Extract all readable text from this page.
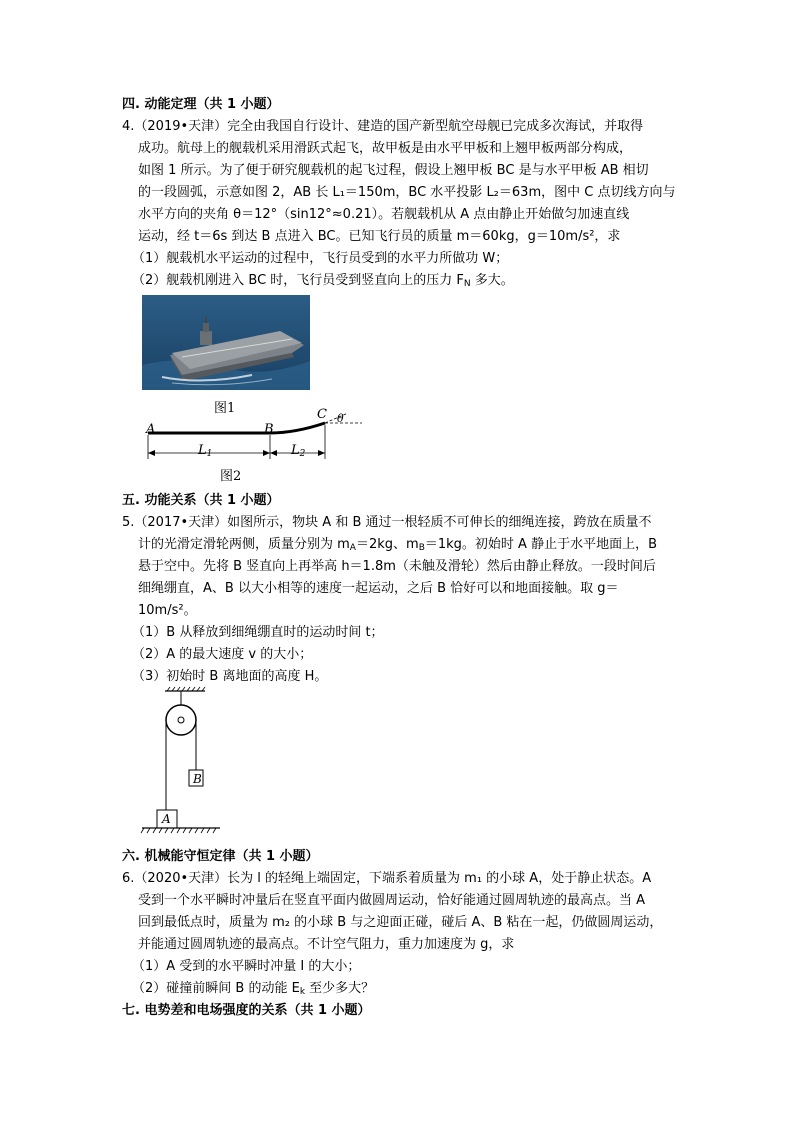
四. 动能定理（共 1 小题）
4.（2019•天津）完全由我国自行设计、建造的国产新型航空母舰已完成多次海试，并取得
成功。航母上的舰载机采用滑跃式起飞，故甲板是由水平甲板和上翘甲板两部分构成，
如图 1 所示。为了便于研究舰载机的起飞过程，假设上翘甲板 BC 是与水平甲板 AB 相切
的一段圆弧，示意如图 2，AB 长 L₁＝150m，BC 水平投影 L₂＝63m，图中 C 点切线方向与
水平方向的夹角 θ＝12°（sin12°≈0.21）。若舰载机从 A 点由静止开始做匀加速直线
运动，经 t＝6s 到达 B 点进入 BC。已知飞行员的质量 m＝60kg，g＝10m/s²，求
（1）舰载机水平运动的过程中，飞行员受到的水平力所做功 W；
（2）舰载机刚进入 BC 时，飞行员受到竖直向上的压力 $F_N$ 多大。
图1
A	B
C θ
$L_1$	$L_2$
图2
五. 功能关系（共 1 小题）
5.（2017•天津）如图所示，物块 A 和 B 通过一根轻质不可伸长的细绳连接，跨放在质量不
计的光滑定滑轮两侧，质量分别为 $m_A=2kg$、$m_B=1kg$。初始时 A 静止于水平地面上，B
悬于空中。先将 B 竖直向上再举高 h＝1.8m（未触及滑轮）然后由静止释放。一段时间后
细绳绷直，A、B 以大小相等的速度一起运动，之后 B 恰好可以和地面接触。取 g＝
10m/s²。
（1）B 从释放到细绳绷直时的运动时间 t；
（2）A 的最大速度 v 的大小；
（3）初始时 B 离地面的高度 H。
B
A
六. 机械能守恒定律（共 1 小题）
6.（2020•天津）长为 l 的轻绳上端固定，下端系着质量为 m₁ 的小球 A，处于静止状态。A
受到一个水平瞬时冲量后在竖直平面内做圆周运动，恰好能通过圆周轨迹的最高点。当 A
回到最低点时，质量为 m₂ 的小球 B 与之迎面正碰，碰后 A、B 粘在一起，仍做圆周运动，
并能通过圆周轨迹的最高点。不计空气阻力，重力加速度为 g，求
（1）A 受到的水平瞬时冲量 I 的大小；
（2）碰撞前瞬间 B 的动能 $E_k$ 至少多大？
七. 电势差和电场强度的关系（共 1 小题）
